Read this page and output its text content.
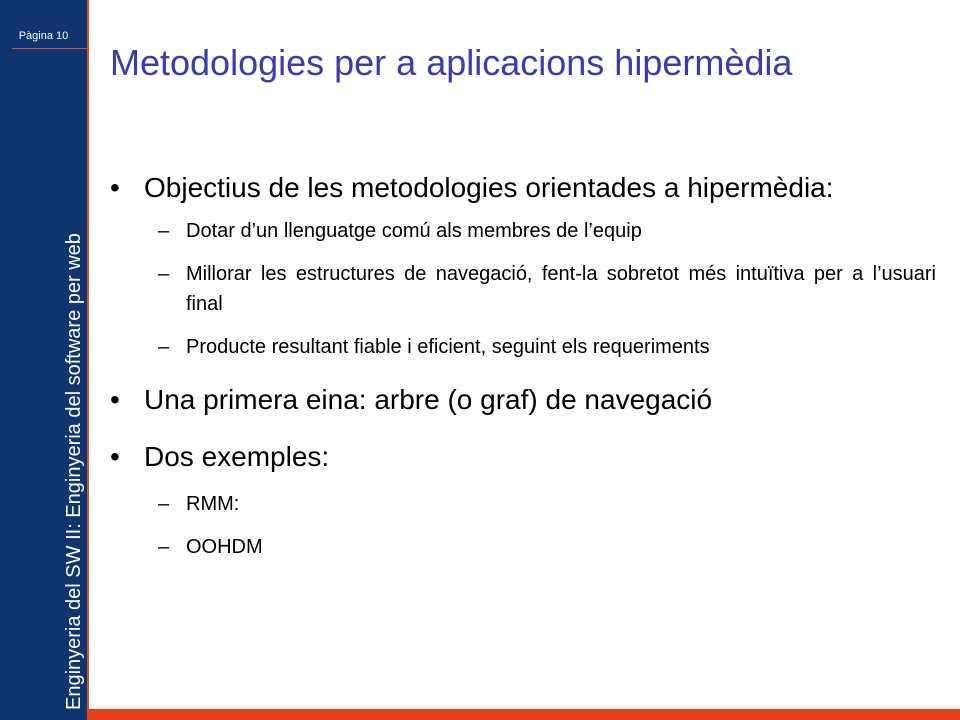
Pàgina 10
Enginyeria del SW II: Enginyeria del software per web
Metodologies per a aplicacions hipermèdia
• Objectius de les metodologies orientades a hipermèdia:
– Dotar d’un llenguatge comú als membres de l’equip
– Millorar les estructures de navegació, fent-la sobretot més intuïtiva per a l’usuari final
– Producte resultant fiable i eficient, seguint els requeriments
• Una primera eina: arbre (o graf) de navegació
• Dos exemples:
– RMM:
– OOHDM
